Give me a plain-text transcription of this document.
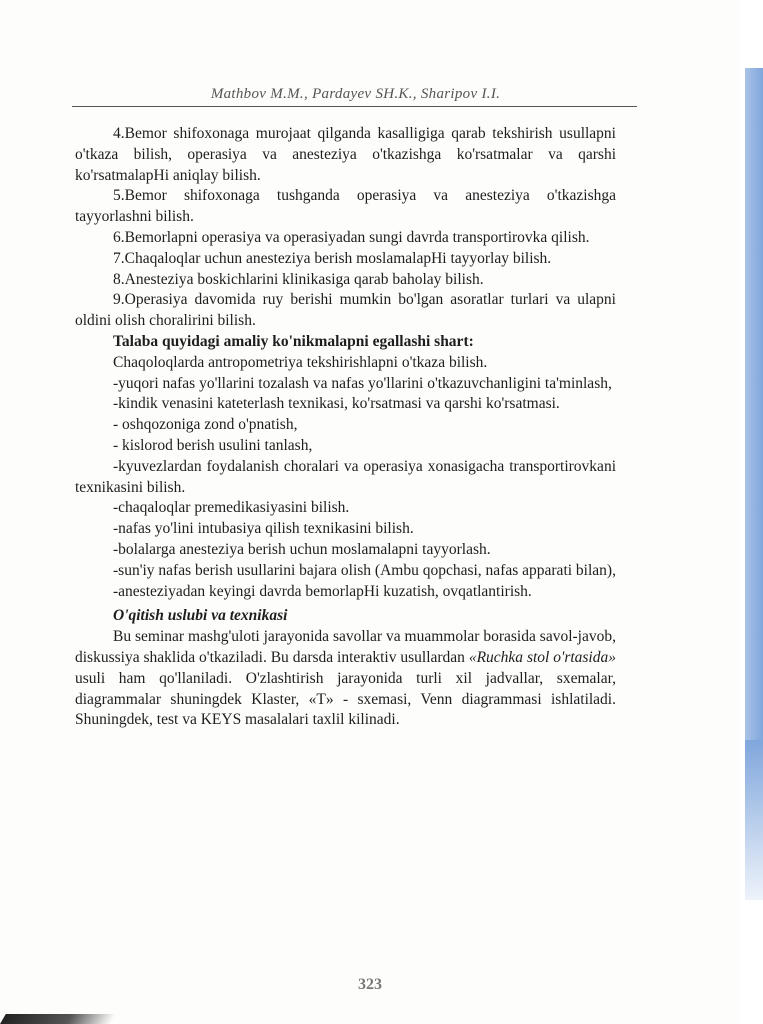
Mathbov M.M., Pardayev SH.K., Sharipov I.I.

4.Bemor shifoxonaga murojaat qilganda kasalligiga qarab tekshirish usullapni o'tkaza bilish, operasiya va anesteziya o'tkazishga ko'rsatmalar va qarshi ko'rsatmalapHi aniqlay bilish.

5.Bemor shifoxonaga tushganda operasiya va anesteziya o'tkazishga tayyorlashni bilish.

6.Bemorlapni operasiya va operasiyadan sungi davrda transportirovka qilish.

7.Chaqaloqlar uchun anesteziya berish moslamalapHi tayyorlay bilish.

8.Anesteziya boskichlarini klinikasiga qarab baholay bilish.

9.Operasiya davomida ruy berishi mumkin bo'lgan asoratlar turlari va ulapni oldini olish choralirini bilish.

Talaba quyidagi amaliy ko'nikmalapni egallashi shart:

Chaqoloqlarda antropometriya tekshirishlapni o'tkaza bilish.

-yuqori nafas yo'llarini tozalash va nafas yo'llarini o'tkazuvchanligini ta'minlash,

-kindik venasini kateterlash texnikasi, ko'rsatmasi va qarshi ko'rsatmasi.

- oshqozoniga zond o'pnatish,

- kislorod berish usulini tanlash,

-kyuvezlardan foydalanish choralari va operasiya xonasigacha transportirovkani texnikasini bilish.

-chaqaloqlar premedikasiyasini bilish.

-nafas yo'lini intubasiya qilish texnikasini bilish.

-bolalarga anesteziya berish uchun moslamalapni tayyorlash.

-sun'iy nafas berish usullarini bajara olish (Ambu qopchasi, nafas apparati bilan),

-anesteziyadan keyingi davrda bemorlapHi kuzatish, ovqatlantirish.

O'qitish uslubi va texnikasi

Bu seminar mashg'uloti jarayonida savollar va muammolar borasida savol-javob, diskussiya shaklida o'tkaziladi. Bu darsda interaktiv usullardan «Ruchka stol o'rtasida» usuli ham qo'llaniladi. O'zlashtirish jarayonida turli xil jadvallar, sxemalar, diagrammalar shuningdek Klaster, «T» - sxemasi, Venn diagrammasi ishlatiladi. Shuningdek, test va KEYS masalalari taxlil kilinadi.

323
